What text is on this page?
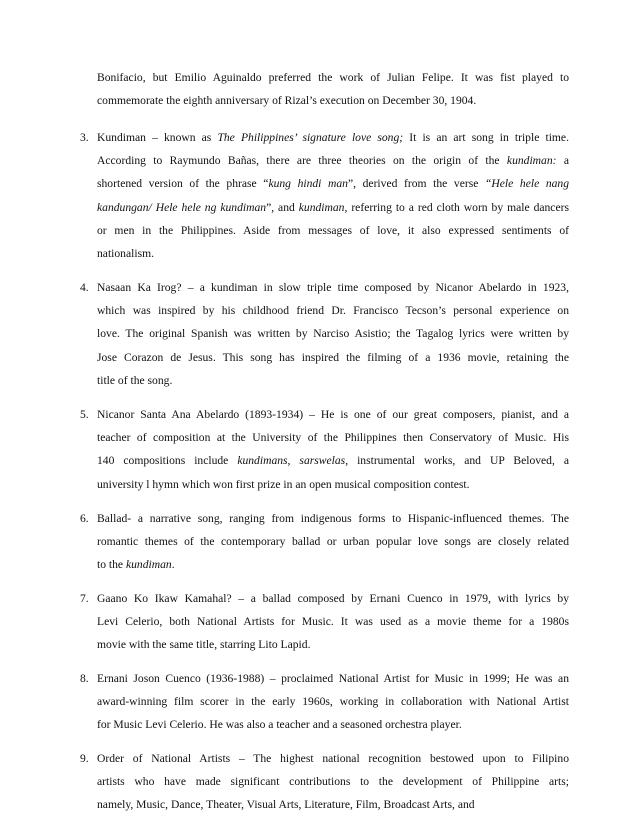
Bonifacio, but Emilio Aguinaldo preferred the work of Julian Felipe. It was fist played to
commemorate the eighth anniversary of Rizal’s execution on December 30, 1904.
3. Kundiman – known as The Philippines’ signature love song; It is an art song in triple time.
According to Raymundo Bañas, there are three theories on the origin of the kundiman: a
shortened version of the phrase “kung hindi man”, derived from the verse “Hele hele nang
kandungan/ Hele hele ng kundiman”, and kundiman, referring to a red cloth worn by male dancers
or men in the Philippines. Aside from messages of love, it also expressed sentiments of
nationalism.
4. Nasaan Ka Irog? – a kundiman in slow triple time composed by Nicanor Abelardo in 1923,
which was inspired by his childhood friend Dr. Francisco Tecson’s personal experience on
love. The original Spanish was written by Narciso Asistio; the Tagalog lyrics were written by
Jose Corazon de Jesus. This song has inspired the filming of a 1936 movie, retaining the
title of the song.
5. Nicanor Santa Ana Abelardo (1893-1934) – He is one of our great composers, pianist, and a
teacher of composition at the University of the Philippines then Conservatory of Music. His
140 compositions include kundimans, sarswelas, instrumental works, and UP Beloved, a
university l hymn which won first prize in an open musical composition contest.
6. Ballad- a narrative song, ranging from indigenous forms to Hispanic-influenced themes. The
romantic themes of the contemporary ballad or urban popular love songs are closely related
to the kundiman.
7. Gaano Ko Ikaw Kamahal? – a ballad composed by Ernani Cuenco in 1979, with lyrics by
Levi Celerio, both National Artists for Music. It was used as a movie theme for a 1980s
movie with the same title, starring Lito Lapid.
8. Ernani Joson Cuenco (1936-1988) – proclaimed National Artist for Music in 1999; He was an
award-winning film scorer in the early 1960s, working in collaboration with National Artist
for Music Levi Celerio. He was also a teacher and a seasoned orchestra player.
9. Order of National Artists – The highest national recognition bestowed upon to Filipino
artists who have made significant contributions to the development of Philippine arts;
namely, Music, Dance, Theater, Visual Arts, Literature, Film, Broadcast Arts, and
